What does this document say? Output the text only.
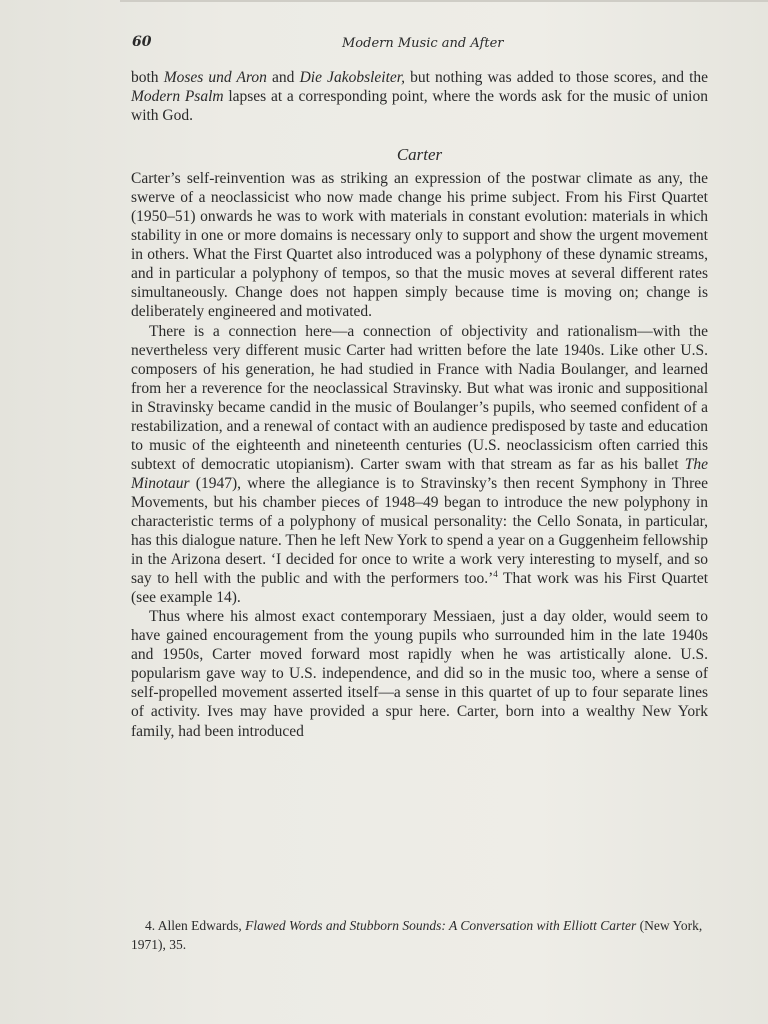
60	Modern Music and After

both Moses und Aron and Die Jakobsleiter, but nothing was added to those scores, and the Modern Psalm lapses at a corresponding point, where the words ask for the music of union with God.

Carter

Carter’s self-reinvention was as striking an expression of the postwar climate as any, the swerve of a neoclassicist who now made change his prime subject. From his First Quartet (1950–51) onwards he was to work with materials in constant evolution: materials in which stability in one or more domains is necessary only to support and show the urgent movement in others. What the First Quartet also introduced was a polyphony of these dynamic streams, and in particular a polyphony of tempos, so that the music moves at several different rates simultaneously. Change does not happen simply because time is moving on; change is deliberately engineered and motivated.

There is a connection here—a connection of objectivity and rationalism—with the nevertheless very different music Carter had written before the late 1940s. Like other U.S. composers of his generation, he had studied in France with Nadia Boulanger, and learned from her a reverence for the neoclassical Stravinsky. But what was ironic and suppositional in Stravinsky became candid in the music of Boulanger’s pupils, who seemed confident of a restabilization, and a renewal of contact with an audience predisposed by taste and education to music of the eighteenth and nineteenth centuries (U.S. neoclassicism often carried this subtext of democratic utopianism). Carter swam with that stream as far as his ballet The Minotaur (1947), where the allegiance is to Stravinsky’s then recent Symphony in Three Movements, but his chamber pieces of 1948–49 began to introduce the new polyphony in characteristic terms of a polyphony of musical personality: the Cello Sonata, in particular, has this dialogue nature. Then he left New York to spend a year on a Guggenheim fellowship in the Arizona desert. ‘I decided for once to write a work very interesting to myself, and so say to hell with the public and with the performers too.’$^4$ That work was his First Quartet (see example 14).

Thus where his almost exact contemporary Messiaen, just a day older, would seem to have gained encouragement from the young pupils who surrounded him in the late 1940s and 1950s, Carter moved forward most rapidly when he was artistically alone. U.S. popularism gave way to U.S. independence, and did so in the music too, where a sense of self-propelled movement asserted itself—a sense in this quartet of up to four separate lines of activity. Ives may have provided a spur here. Carter, born into a wealthy New York family, had been introduced

4. Allen Edwards, Flawed Words and Stubborn Sounds: A Conversation with Elliott Carter (New York, 1971), 35.
